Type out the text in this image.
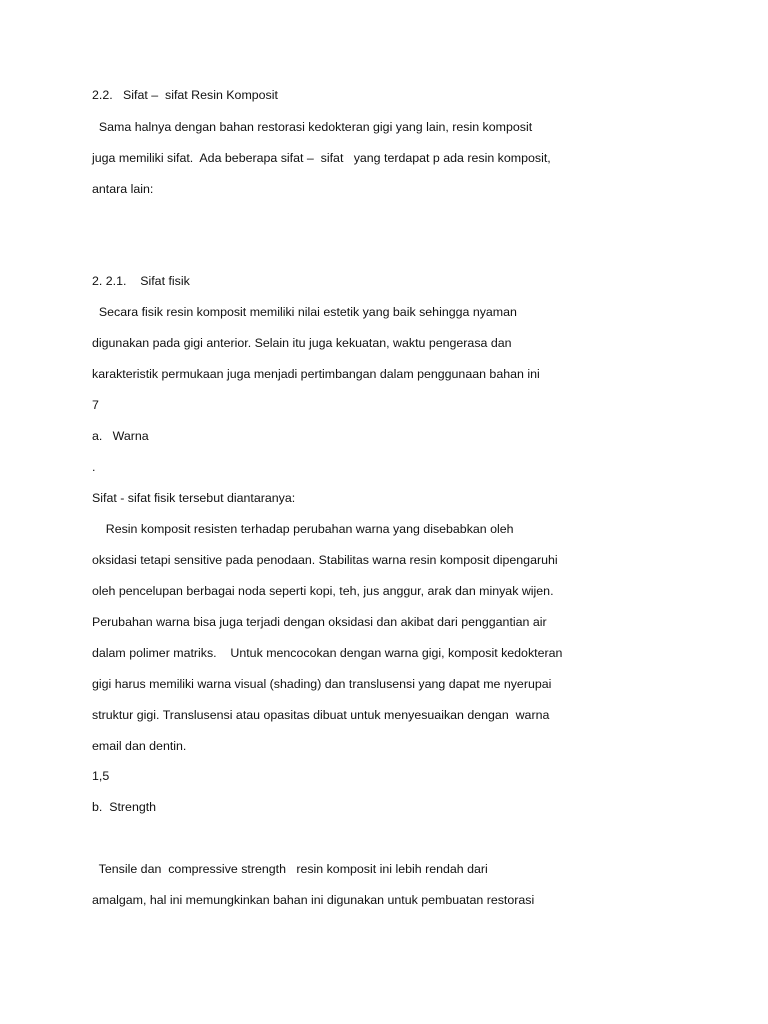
2.2.   Sifat –  sifat Resin Komposit

Sama halnya dengan bahan restorasi kedokteran gigi yang lain, resin komposit

juga memiliki sifat.  Ada beberapa sifat –  sifat   yang terdapat p ada resin komposit,

antara lain:

2. 2.1.    Sifat fisik

Secara fisik resin komposit memiliki nilai estetik yang baik sehingga nyaman

digunakan pada gigi anterior. Selain itu juga kekuatan, waktu pengerasa dan

karakteristik permukaan juga menjadi pertimbangan dalam penggunaan bahan ini

7

a.   Warna

.

Sifat - sifat fisik tersebut diantaranya:

Resin komposit resisten terhadap perubahan warna yang disebabkan oleh

oksidasi tetapi sensitive pada penodaan. Stabilitas warna resin komposit dipengaruhi

oleh pencelupan berbagai noda seperti kopi, teh, jus anggur, arak dan minyak wijen.

Perubahan warna bisa juga terjadi dengan oksidasi dan akibat dari penggantian air

dalam polimer matriks.    Untuk mencocokan dengan warna gigi, komposit kedokteran

gigi harus memiliki warna visual (shading) dan translusensi yang dapat me nyerupai

struktur gigi. Translusensi atau opasitas dibuat untuk menyesuaikan dengan  warna

email dan dentin.

1,5

b.  Strength

Tensile dan  compressive strength   resin komposit ini lebih rendah dari

amalgam, hal ini memungkinkan bahan ini digunakan untuk pembuatan restorasi
